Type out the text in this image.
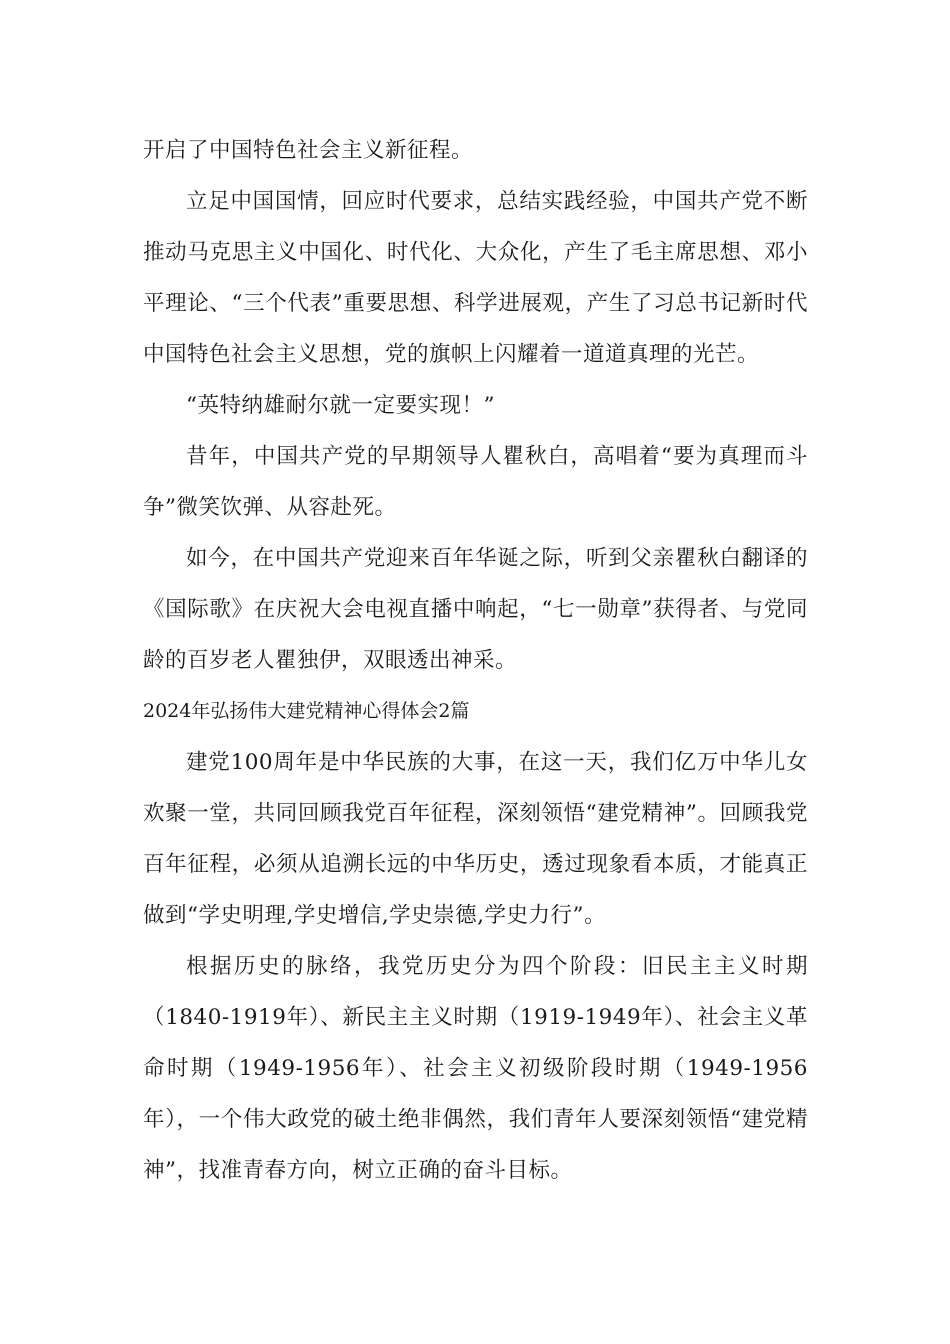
开启了中国特色社会主义新征程。

立足中国国情，回应时代要求，总结实践经验，中国共产党不断推动马克思主义中国化、时代化、大众化，产生了毛主席思想、邓小平理论、“三个代表”重要思想、科学进展观，产生了习总书记新时代中国特色社会主义思想，党的旗帜上闪耀着一道道真理的光芒。

“英特纳雄耐尔就一定要实现！”

昔年，中国共产党的早期领导人瞿秋白，高唱着“要为真理而斗争”微笑饮弹、从容赴死。

如今，在中国共产党迎来百年华诞之际，听到父亲瞿秋白翻译的《国际歌》在庆祝大会电视直播中响起，“七一勋章”获得者、与党同龄的百岁老人瞿独伊，双眼透出神采。

2024年弘扬伟大建党精神心得体会2篇

建党100周年是中华民族的大事，在这一天，我们亿万中华儿女欢聚一堂，共同回顾我党百年征程，深刻领悟“建党精神”。回顾我党百年征程，必须从追溯长远的中华历史，透过现象看本质，才能真正做到“学史明理,学史增信,学史崇德,学史力行”。

根据历史的脉络，我党历史分为四个阶段：旧民主主义时期（1840-1919年）、新民主主义时期（1919-1949年）、社会主义革命时期（1949-1956年）、社会主义初级阶段时期（1949-1956年），一个伟大政党的破土绝非偶然，我们青年人要深刻领悟“建党精神”，找准青春方向，树立正确的奋斗目标。
